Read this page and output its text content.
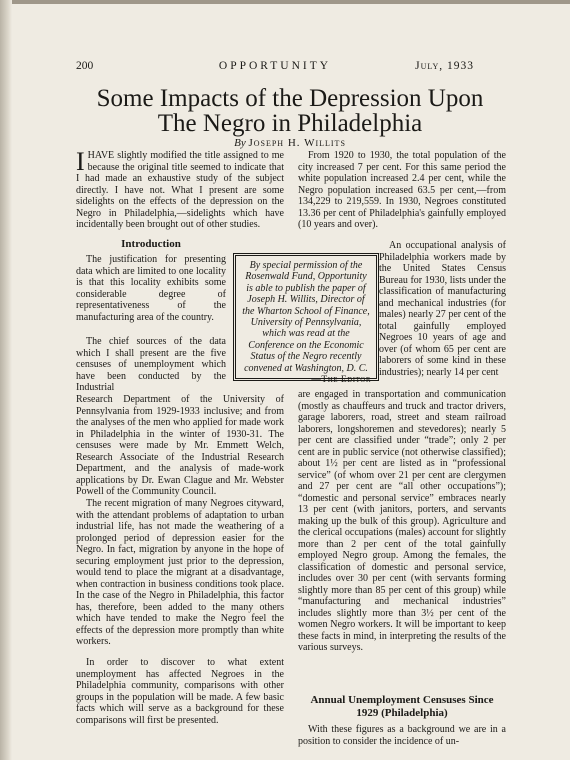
200	OPPORTUNITY	July, 1933
Some Impacts of the Depression Upon
The Negro in Philadelphia
By Joseph H. Willits

IHAVE slightly modified the title assigned to me because the original title seemed to indicate that I had made an exhaustive study of the subject directly. I have not. What I present are some sidelights on the effects of the depression on the Negro in Philadelphia,—sidelights which have incidentally been brought out of other studies.

Introduction

The justification for presenting data which are limited to one locality is that this locality exhibits some considerable degree of representativeness of the manufacturing area of the country.

The chief sources of the data which I shall present are the five censuses of unemployment which have been conducted by the Industrial

Research Department of the University of Pennsylvania from 1929-1933 inclusive; and from the analyses of the men who applied for made work in Philadelphia in the winter of 1930-31. The censuses were made by Mr. Emmett Welch, Research Associate of the Industrial Research Department, and the analysis of made-work applications by Dr. Ewan Clague and Mr. Webster Powell of the Community Council.

The recent migration of many Negroes cityward, with the attendant problems of adaptation to urban industrial life, has not made the weathering of a prolonged period of depression easier for the Negro. In fact, migration by anyone in the hope of securing employment just prior to the depression, would tend to place the migrant at a disadvantage, when contraction in business conditions took place. In the case of the Negro in Philadelphia, this factor has, therefore, been added to the many others which have tended to make the Negro feel the effects of the depression more promptly than white workers.

In order to discover to what extent unemployment has affected Negroes in the Philadelphia community, comparisons with other groups in the population will be made. A few basic facts which will serve as a background for these comparisons will first be presented.

By special permission of the Rosenwald Fund, Opportunity is able to publish the paper of Joseph H. Willits, Director of the Wharton School of Finance, University of Pennsylvania, which was read at the Conference on the Economic Status of the Negro recently convened at Washington, D. C.

—The Editor

From 1920 to 1930, the total population of the city increased 7 per cent. For this same period the white population increased 2.4 per cent, while the Negro population increased 63.5 per cent,—from 134,229 to 219,559. In 1930, Negroes constituted 13.36 per cent of Philadelphia's gainfully employed (10 years and over).

An occupational analysis of Philadelphia workers made by the United States Census Bureau for 1930, lists under the classification of manufacturing and mechanical industries (for males) nearly 27 per cent of the total gainfully employed Negroes 10 years of age and over (of whom 65 per cent are laborers of some kind in these industries); nearly 14 per cent

are engaged in transportation and communication (mostly as chauffeurs and truck and tractor drivers, garage laborers, road, street and steam railroad laborers, longshoremen and stevedores); nearly 5 per cent are classified under “trade”; only 2 per cent are in public service (not otherwise classified); about 1½ per cent are listed as in “professional service” (of whom over 21 per cent are clergymen and 27 per cent are “all other occupations”); “domestic and personal service” embraces nearly 13 per cent (with janitors, porters, and servants making up the bulk of this group). Agriculture and the clerical occupations (males) account for slightly more than 2 per cent of the total gainfully employed Negro group. Among the females, the classification of domestic and personal service, includes over 30 per cent (with servants forming slightly more than 85 per cent of this group) while “manufacturing and mechanical industries” includes slightly more than 3½ per cent of the women Negro workers. It will be important to keep these facts in mind, in interpreting the results of the various surveys.

Annual Unemployment Censuses Since
1929 (Philadelphia)

With these figures as a background we are in a position to consider the incidence of un-
